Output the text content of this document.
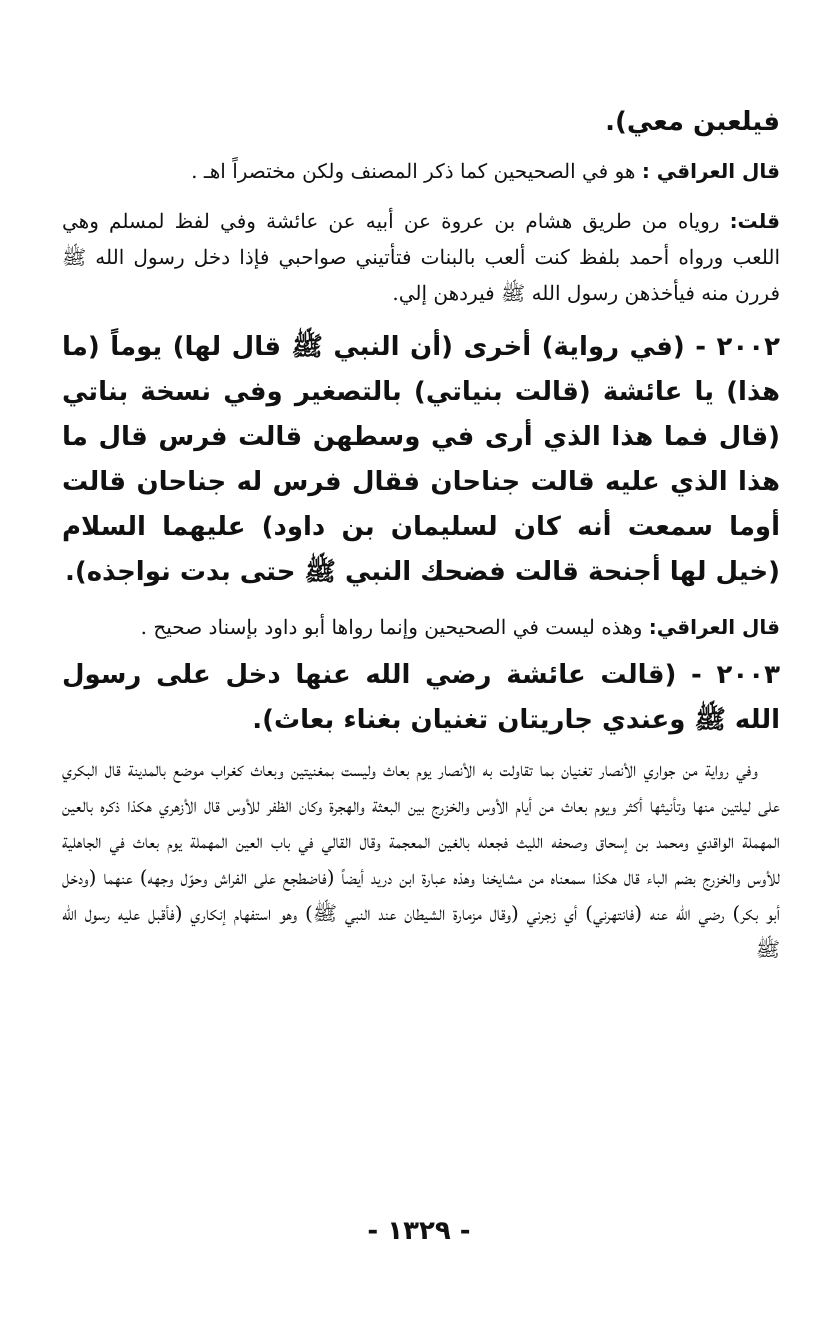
فيلعبن معي).

قال العراقي : هو في الصحيحين كما ذكر المصنف ولكن مختصراً اهـ .

قلت: روياه من طريق هشام بن عروة عن أبيه عن عائشة وفي لفظ لمسلم وهي اللعب ورواه أحمد بلفظ كنت ألعب بالبنات فتأتيني صواحبي فإذا دخل رسول الله ﷺ فررن منه فيأخذهن رسول الله ﷺ فيردهن إلي.

٢٠٠٢ - (في رواية) أخرى (أن النبي ﷺ قال لها) يوماً (ما هذا) يا عائشة (قالت بنياتي) بالتصغير وفي نسخة بناتي (قال فما هذا الذي أرى في وسطهن قالت فرس قال ما هذا الذي عليه قالت جناحان فقال فرس له جناحان قالت أوما سمعت أنه كان لسليمان بن داود) عليهما السلام (خيل لها أجنحة قالت فضحك النبي ﷺ حتى بدت نواجذه).

قال العراقي: وهذه ليست في الصحيحين وإنما رواها أبو داود بإسناد صحيح .

٢٠٠٣ - (قالت عائشة رضي الله عنها دخل على رسول الله ﷺ وعندي جاريتان تغنيان بغناء بعاث).

وفي رواية من جواري الأنصار تغنيان بما تقاولت به الأنصار يوم بعاث وليست بمغنيتين وبعاث كغراب موضع بالمدينة قال البكري على ليلتين منها وتأنيثها أكثر ويوم بعاث من أيام الأوس والخزرج بين البعثة والهجرة وكان الظفر للأوس قال الأزهري هكذا ذكره بالعين المهملة الواقدي ومحمد بن إسحاق وصحفه الليث فجعله بالغين المعجمة وقال القالي في باب العين المهملة يوم بعاث في الجاهلية للأوس والخزرج بضم الباء قال هكذا سمعناه من مشايخنا وهذه عبارة ابن دريد أيضاً (فاضطجع على الفراش وحوّل وجهه) عنهما (ودخل أبو بكر) رضي الله عنه (فانتهرني) أي زجرني (وقال مزمارة الشيطان عند النبي ﷺ) وهو استفهام إنكاري (فأقبل عليه رسول الله ﷺ

- ١٣٢٩ -
